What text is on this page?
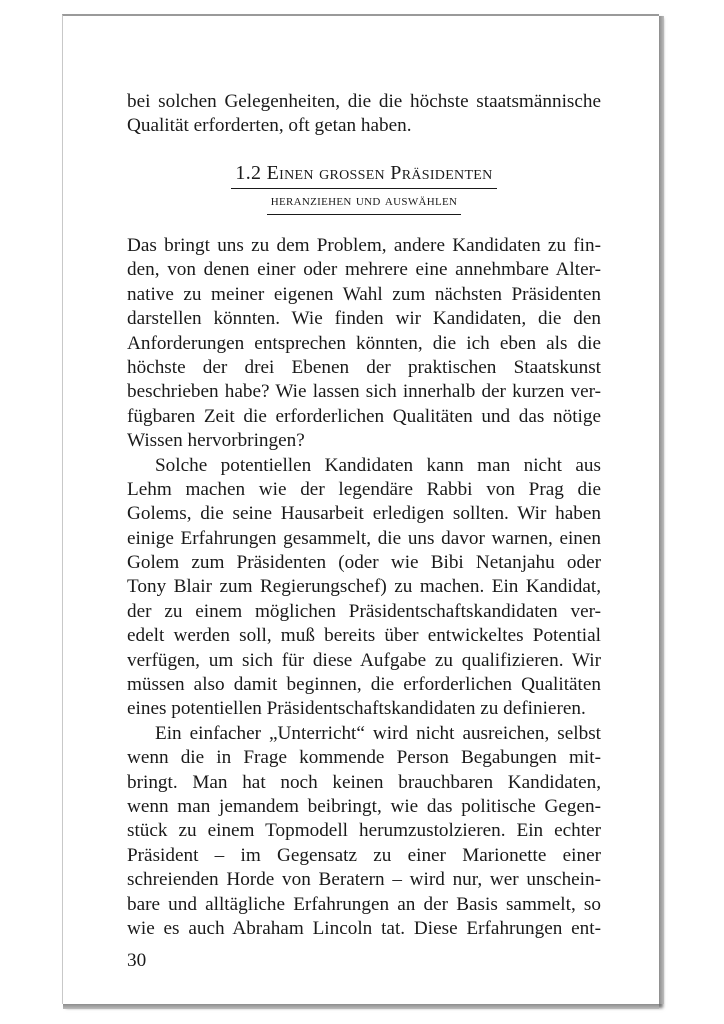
bei solchen Gelegenheiten, die die höchste staatsmännische
Qualität erforderten, oft getan haben.
1.2 Einen grossen Präsidenten
heranziehen und auswählen
Das bringt uns zu dem Problem, andere Kandidaten zu fin-
den, von denen einer oder mehrere eine annehmbare Alter-
native zu meiner eigenen Wahl zum nächsten Präsidenten
darstellen könnten. Wie finden wir Kandidaten, die den
Anforderungen entsprechen könnten, die ich eben als die
höchste der drei Ebenen der praktischen Staatskunst
beschrieben habe? Wie lassen sich innerhalb der kurzen ver-
fügbaren Zeit die erforderlichen Qualitäten und das nötige
Wissen hervorbringen?
Solche potentiellen Kandidaten kann man nicht aus
Lehm machen wie der legendäre Rabbi von Prag die
Golems, die seine Hausarbeit erledigen sollten. Wir haben
einige Erfahrungen gesammelt, die uns davor warnen, einen
Golem zum Präsidenten (oder wie Bibi Netanjahu oder
Tony Blair zum Regierungschef) zu machen. Ein Kandidat,
der zu einem möglichen Präsidentschaftskandidaten ver-
edelt werden soll, muß bereits über entwickeltes Potential
verfügen, um sich für diese Aufgabe zu qualifizieren. Wir
müssen also damit beginnen, die erforderlichen Qualitäten
eines potentiellen Präsidentschaftskandidaten zu definieren.
Ein einfacher „Unterricht“ wird nicht ausreichen, selbst
wenn die in Frage kommende Person Begabungen mit-
bringt. Man hat noch keinen brauchbaren Kandidaten,
wenn man jemandem beibringt, wie das politische Gegen-
stück zu einem Topmodell herumzustolzieren. Ein echter
Präsident – im Gegensatz zu einer Marionette einer
schreienden Horde von Beratern – wird nur, wer unschein-
bare und alltägliche Erfahrungen an der Basis sammelt, so
wie es auch Abraham Lincoln tat. Diese Erfahrungen ent-
30
